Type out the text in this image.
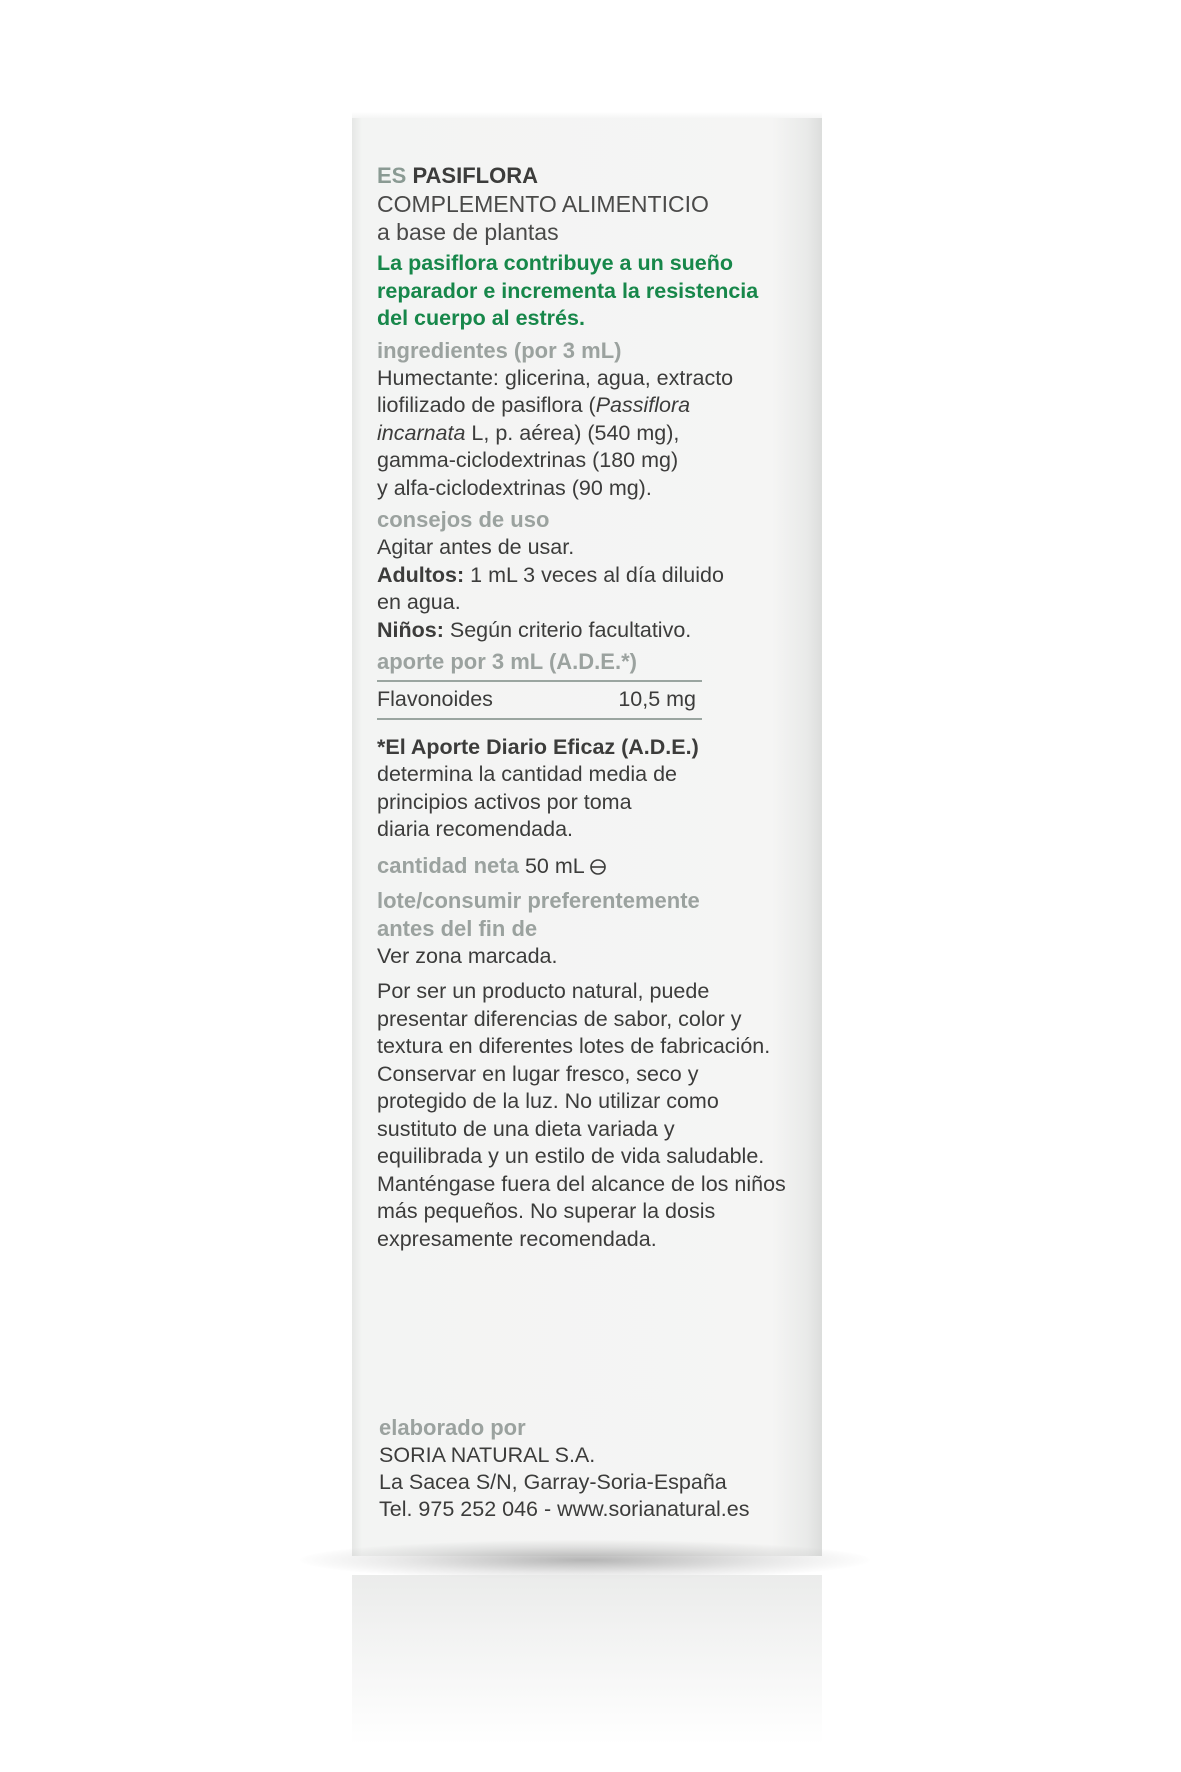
ES PASIFLORA

COMPLEMENTO ALIMENTICIO

a base de plantas

La pasiflora contribuye a un sueño
reparador e incrementa la resistencia
del cuerpo al estrés.

ingredientes (por 3 mL)

Humectante: glicerina, agua, extracto
liofilizado de pasiflora (Passiflora
incarnata L, p. aérea) (540 mg),
gamma-ciclodextrinas (180 mg)
y alfa-ciclodextrinas (90 mg).

consejos de uso

Agitar antes de usar.
Adultos: 1 mL 3 veces al día diluido
en agua.
Niños: Según criterio facultativo.

aporte por 3 mL (A.D.E.*)

Flavonoides	10,5 mg

*El Aporte Diario Eficaz (A.D.E.)
determina la cantidad media de
principios activos por toma
diaria recomendada.

cantidad neta 50 mL

lote/consumir preferentemente
antes del fin de

Ver zona marcada.

Por ser un producto natural, puede
presentar diferencias de sabor, color y
textura en diferentes lotes de fabricación.
Conservar en lugar fresco, seco y
protegido de la luz. No utilizar como
sustituto de una dieta variada y
equilibrada y un estilo de vida saludable.
Manténgase fuera del alcance de los niños
más pequeños. No superar la dosis
expresamente recomendada.

elaborado por

SORIA NATURAL S.A.

La Sacea S/N, Garray-Soria-España

Tel. 975 252 046 - www.sorianatural.es
